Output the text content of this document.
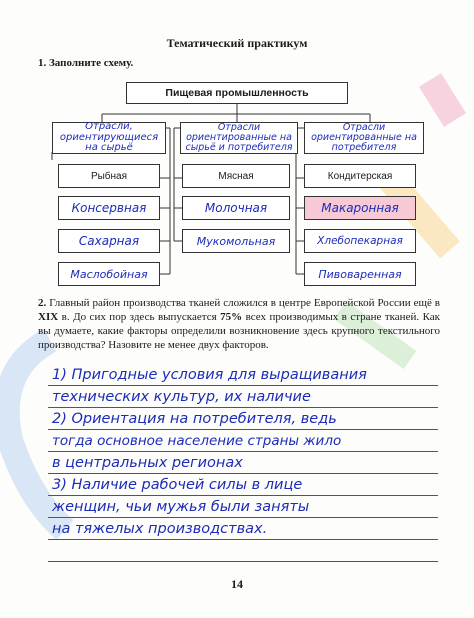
Тематический практикум
1. Заполните схему.
Пищевая промышленность
Отрасли, ориентирующиеся на сырьё
Отрасли ориентированные на сырьё и потребителя
Отрасли ориентированные на потребителя
Рыбная	Мясная	Кондитерская
Консервная
Сахарная
Маслобойная
Молочная
Мукомольная
Макаронная
Хлебопекарная
Пивоваренная
2. Главный район производства тканей сложился в центре Европейской России ещё в XIX в. До сих пор здесь выпускается 75% всех производимых в стране тканей. Как вы думаете, какие факторы определили возникновение здесь крупного текстильного производства? Назовите не менее двух факторов.
1) Пригодные условия для выращивания
технических культур, их наличие
2) Ориентация на потребителя, ведь
тогда основное население страны жило
в центральных регионах
3) Наличие рабочей силы в лице
женщин, чьи мужья были заняты
на тяжелых производствах.
14
